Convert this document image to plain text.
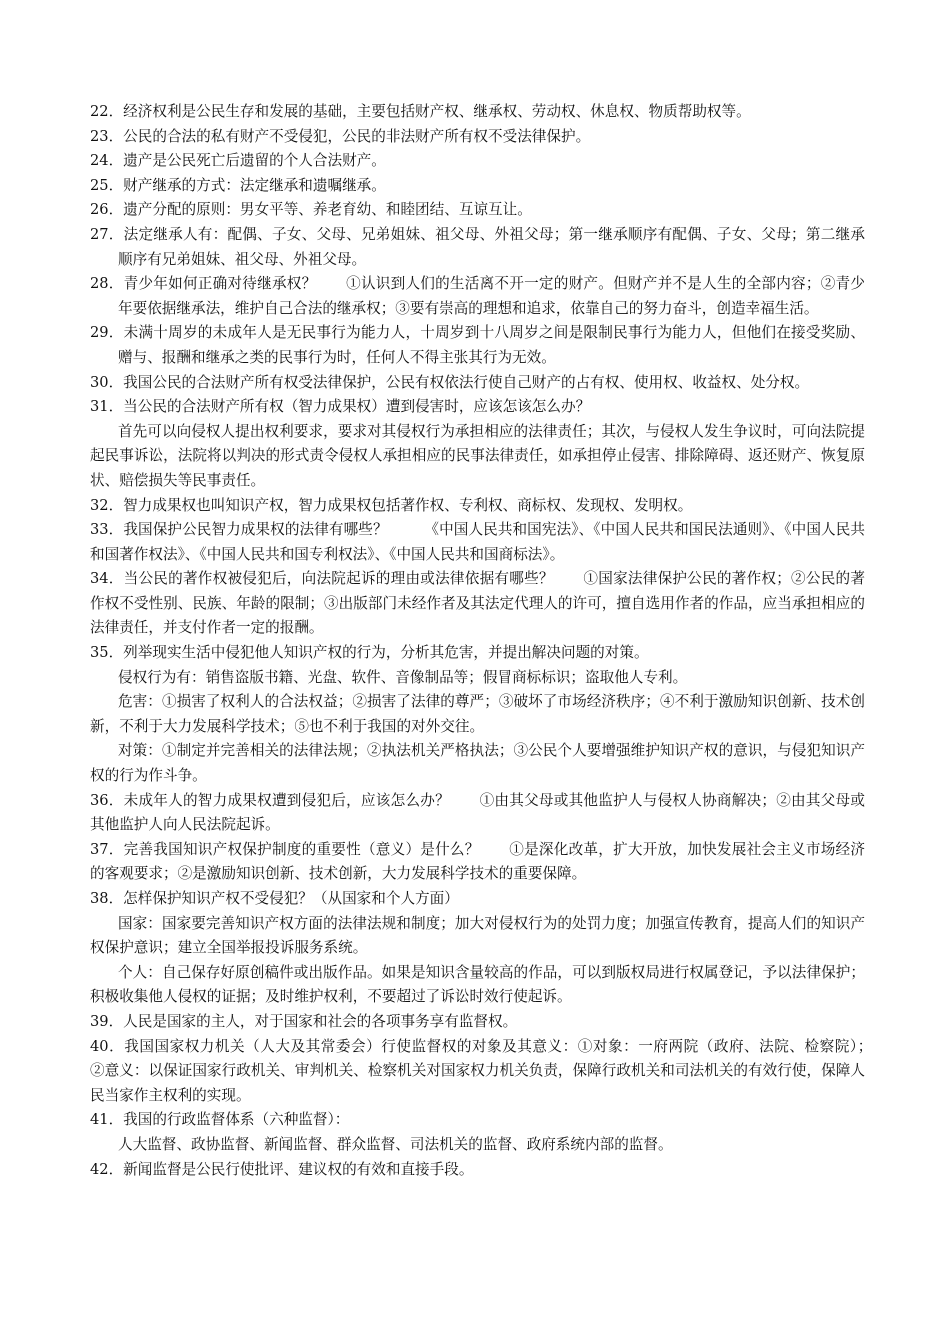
22．经济权利是公民生存和发展的基础，主要包括财产权、继承权、劳动权、休息权、物质帮助权等。

23．公民的合法的私有财产不受侵犯，公民的非法财产所有权不受法律保护。

24．遗产是公民死亡后遗留的个人合法财产。

25．财产继承的方式：法定继承和遗嘱继承。

26．遗产分配的原则：男女平等、养老育幼、和睦团结、互谅互让。

27．法定继承人有：配偶、子女、父母、兄弟姐妹、祖父母、外祖父母；第一继承顺序有配偶、子女、父母；第二继承顺序有兄弟姐妹、祖父母、外祖父母。

28．青少年如何正确对待继承权？　　①认识到人们的生活离不开一定的财产。但财产并不是人生的全部内容；②青少年要依据继承法，维护自己合法的继承权；③要有崇高的理想和追求，依靠自己的努力奋斗，创造幸福生活。

29．未满十周岁的未成年人是无民事行为能力人，十周岁到十八周岁之间是限制民事行为能力人，但他们在接受奖励、赠与、报酬和继承之类的民事行为时，任何人不得主张其行为无效。

30．我国公民的合法财产所有权受法律保护，公民有权依法行使自己财产的占有权、使用权、收益权、处分权。

31．当公民的合法财产所有权（智力成果权）遭到侵害时，应该怎该怎么办？

首先可以向侵权人提出权利要求，要求对其侵权行为承担相应的法律责任；其次，与侵权人发生争议时，可向法院提起民事诉讼，法院将以判决的形式责令侵权人承担相应的民事法律责任，如承担停止侵害、排除障碍、返还财产、恢复原状、赔偿损失等民事责任。

32．智力成果权也叫知识产权，智力成果权包括著作权、专利权、商标权、发现权、发明权。

33．我国保护公民智力成果权的法律有哪些？　　　《中国人民共和国宪法》、《中国人民共和国民法通则》、《中国人民共和国著作权法》、《中国人民共和国专利权法》、《中国人民共和国商标法》。

34．当公民的著作权被侵犯后，向法院起诉的理由或法律依据有哪些？　　①国家法律保护公民的著作权；②公民的著作权不受性别、民族、年龄的限制；③出版部门未经作者及其法定代理人的许可，擅自选用作者的作品，应当承担相应的法律责任，并支付作者一定的报酬。

35．列举现实生活中侵犯他人知识产权的行为，分析其危害，并提出解决问题的对策。

侵权行为有：销售盗版书籍、光盘、软件、音像制品等；假冒商标标识；盗取他人专利。

危害：①损害了权利人的合法权益；②损害了法律的尊严；③破坏了市场经济秩序；④不利于激励知识创新、技术创新，不利于大力发展科学技术；⑤也不利于我国的对外交往。

对策：①制定并完善相关的法律法规；②执法机关严格执法；③公民个人要增强维护知识产权的意识，与侵犯知识产权的行为作斗争。

36．未成年人的智力成果权遭到侵犯后，应该怎么办？　　①由其父母或其他监护人与侵权人协商解决；②由其父母或其他监护人向人民法院起诉。

37．完善我国知识产权保护制度的重要性（意义）是什么？　　①是深化改革，扩大开放，加快发展社会主义市场经济的客观要求；②是激励知识创新、技术创新，大力发展科学技术的重要保障。

38．怎样保护知识产权不受侵犯？（从国家和个人方面）

国家：国家要完善知识产权方面的法律法规和制度；加大对侵权行为的处罚力度；加强宣传教育，提高人们的知识产权保护意识；建立全国举报投诉服务系统。

个人：自己保存好原创稿件或出版作品。如果是知识含量较高的作品，可以到版权局进行权属登记，予以法律保护；积极收集他人侵权的证据；及时维护权利，不要超过了诉讼时效行使起诉。

39．人民是国家的主人，对于国家和社会的各项事务享有监督权。

40．我国国家权力机关（人大及其常委会）行使监督权的对象及其意义：①对象：一府两院（政府、法院、检察院）；　②意义：以保证国家行政机关、审判机关、检察机关对国家权力机关负责，保障行政机关和司法机关的有效行使，保障人民当家作主权利的实现。

41．我国的行政监督体系（六种监督）：

人大监督、政协监督、新闻监督、群众监督、司法机关的监督、政府系统内部的监督。

42．新闻监督是公民行使批评、建议权的有效和直接手段。
